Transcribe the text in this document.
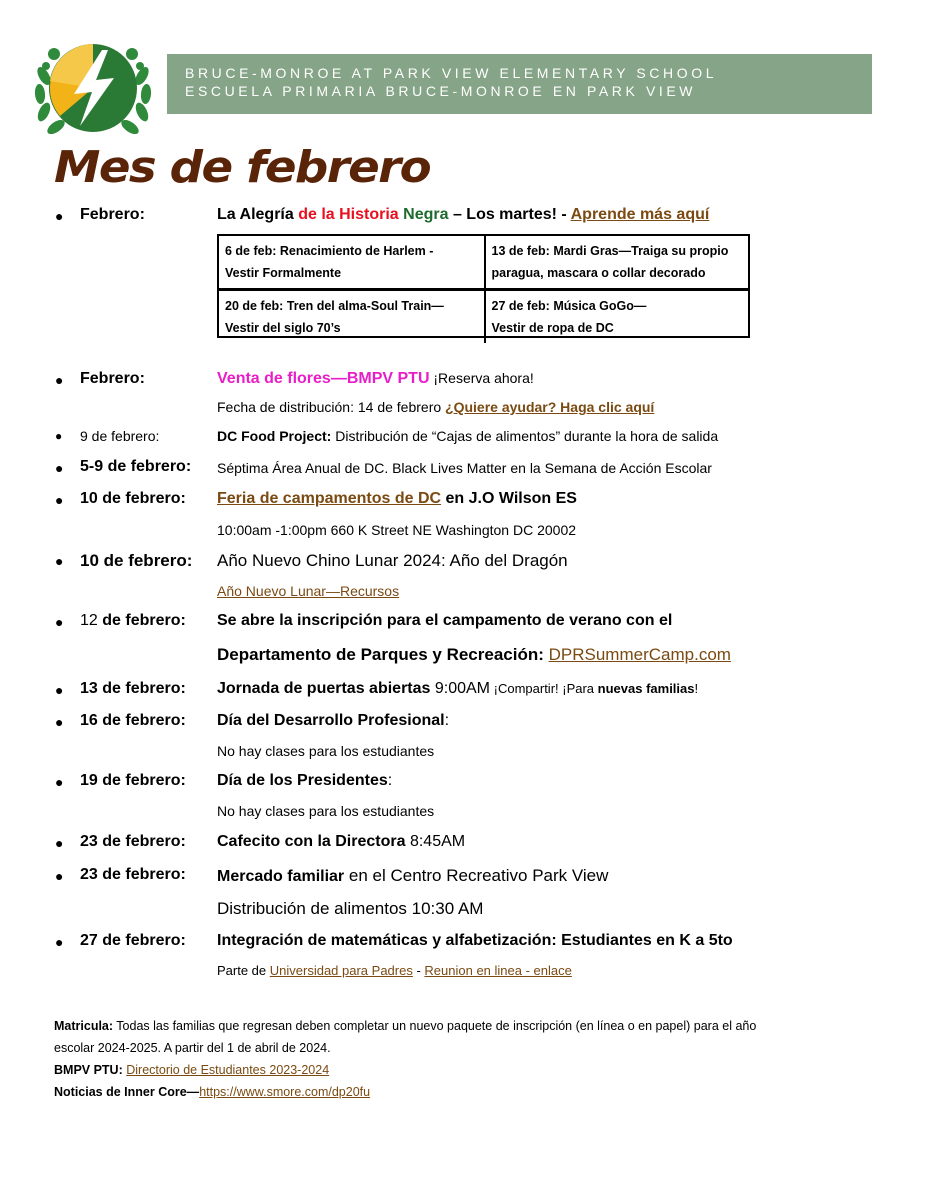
BRUCE-MONROE AT PARK VIEW ELEMENTARY SCHOOL
ESCUELA PRIMARIA BRUCE-MONROE EN PARK VIEW
Mes de febrero
● Febrero:	La Alegría de la Historia Negra – Los martes! - Aprende más aquí
6 de feb: Renacimiento de Harlem -
Vestir Formalmente
13 de feb: Mardi Gras—Traiga su propio
paragua, mascara o collar decorado
20 de feb: Tren del alma-Soul Train—
Vestir del siglo 70’s
27 de feb: Música GoGo—
Vestir de ropa de DC
● Febrero:	Venta de flores—BMPV PTU ¡Reserva ahora!
Fecha de distribución: 14 de febrero ¿Quiere ayudar? Haga clic aquí
● 9 de febrero:	DC Food Project: Distribución de “Cajas de alimentos” durante la hora de salida
● 5-9 de febrero: Séptima Área Anual de DC. Black Lives Matter en la Semana de Acción Escolar
● 10 de febrero: Feria de campamentos de DC en J.O Wilson ES
10:00am -1:00pm 660 K Street NE Washington DC 20002
● 10 de febrero: Año Nuevo Chino Lunar 2024: Año del Dragón
Año Nuevo Lunar—Recursos
● 12 de febrero: Se abre la inscripción para el campamento de verano con el
Departamento de Parques y Recreación: DPRSummerCamp.com
● 13 de febrero: Jornada de puertas abiertas 9:00AM ¡Compartir! ¡Para nuevas familias!
● 16 de febrero: Día del Desarrollo Profesional:
No hay clases para los estudiantes
● 19 de febrero: Día de los Presidentes:
No hay clases para los estudiantes
● 23 de febrero: Cafecito con la Directora 8:45AM
● 23 de febrero: Mercado familiar en el Centro Recreativo Park View
Distribución de alimentos 10:30 AM
● 27 de febrero: Integración de matemáticas y alfabetización: Estudiantes en K a 5to
Parte de Universidad para Padres - Reunion en linea - enlace
Matricula: Todas las familias que regresan deben completar un nuevo paquete de inscripción (en línea o en papel) para el año
escolar 2024-2025. A partir del 1 de abril de 2024.
BMPV PTU: Directorio de Estudiantes 2023-2024
Noticias de Inner Core—https://www.smore.com/dp20fu
